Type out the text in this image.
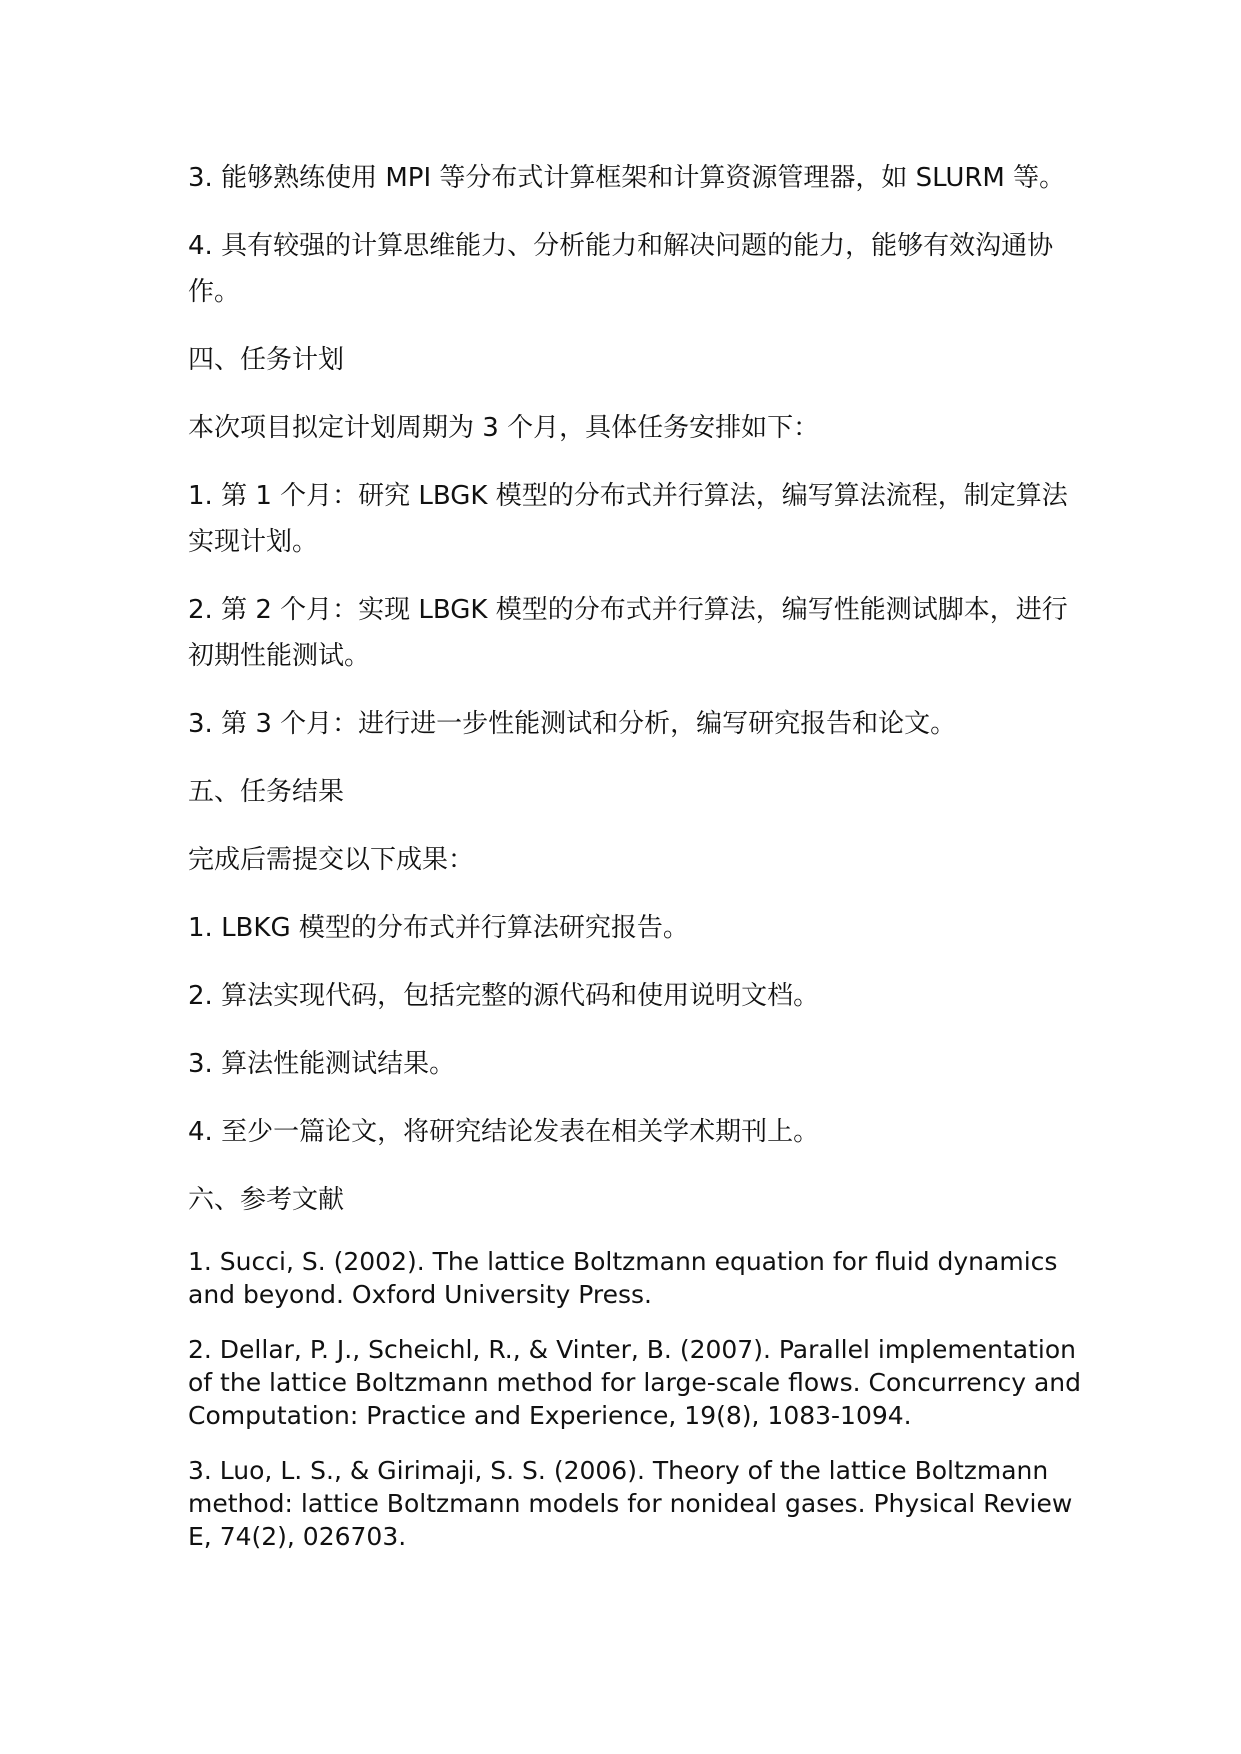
3. 能够熟练使用 MPI 等分布式计算框架和计算资源管理器，如 SLURM 等。

4. 具有较强的计算思维能力、分析能力和解决问题的能力，能够有效沟通协作。

四、任务计划

本次项目拟定计划周期为 3 个月，具体任务安排如下：

1. 第 1 个月：研究 LBGK 模型的分布式并行算法，编写算法流程，制定算法实现计划。

2. 第 2 个月：实现 LBGK 模型的分布式并行算法，编写性能测试脚本，进行初期性能测试。

3. 第 3 个月：进行进一步性能测试和分析，编写研究报告和论文。

五、任务结果

完成后需提交以下成果：

1. LBKG 模型的分布式并行算法研究报告。

2. 算法实现代码，包括完整的源代码和使用说明文档。

3. 算法性能测试结果。

4. 至少一篇论文，将研究结论发表在相关学术期刊上。

六、参考文献

1. Succi, S. (2002). The lattice Boltzmann equation for fluid dynamics and beyond. Oxford University Press.

2. Dellar, P. J., Scheichl, R., & Vinter, B. (2007). Parallel implementation of the lattice Boltzmann method for large-scale flows. Concurrency and Computation: Practice and Experience, 19(8), 1083-1094.

3. Luo, L. S., & Girimaji, S. S. (2006). Theory of the lattice Boltzmann method: lattice Boltzmann models for nonideal gases. Physical Review E, 74(2), 026703.
